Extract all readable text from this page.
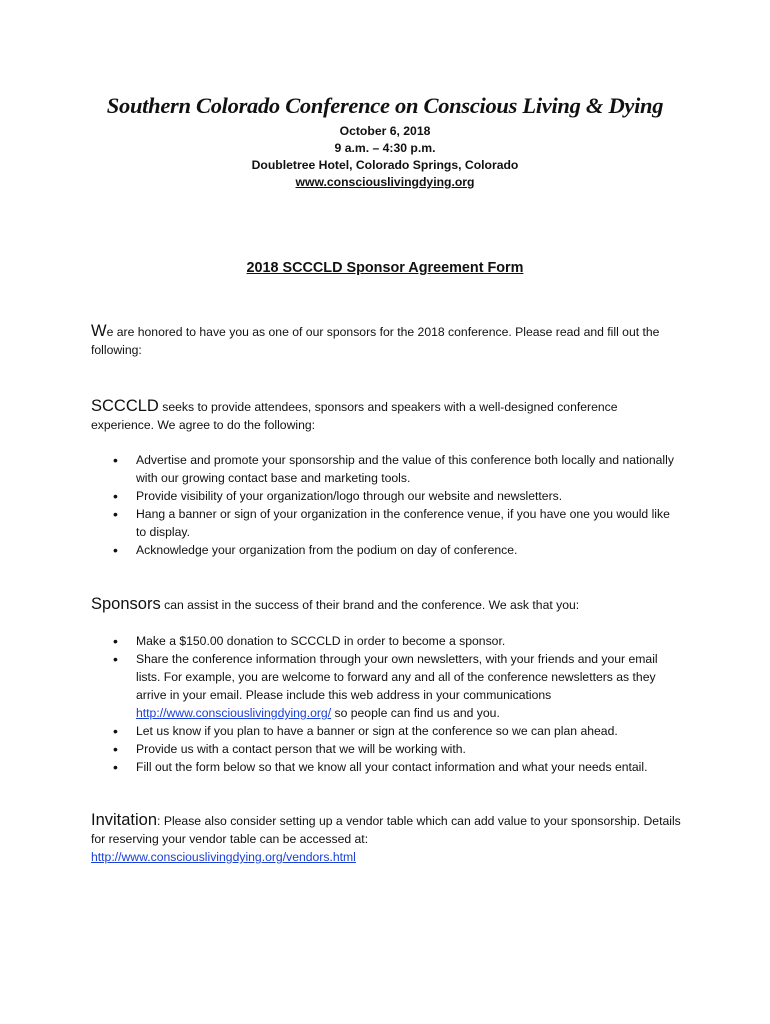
Southern Colorado Conference on Conscious Living & Dying
October 6, 2018
9 a.m. – 4:30 p.m.
Doubletree Hotel, Colorado Springs, Colorado
www.consciouslivingdying.org
2018 SCCCLD Sponsor Agreement Form

We are honored to have you as one of our sponsors for the 2018 conference. Please read and fill out the following:

SCCCLD seeks to provide attendees, sponsors and speakers with a well-designed conference experience. We agree to do the following:

• Advertise and promote your sponsorship and the value of this conference both locally and nationally with our growing contact base and marketing tools.
• Provide visibility of your organization/logo through our website and newsletters.
• Hang a banner or sign of your organization in the conference venue, if you have one you would like to display.
• Acknowledge your organization from the podium on day of conference.

Sponsors can assist in the success of their brand and the conference. We ask that you:

• Make a $150.00 donation to SCCCLD in order to become a sponsor.
• Share the conference information through your own newsletters, with your friends and your email lists. For example, you are welcome to forward any and all of the conference newsletters as they arrive in your email. Please include this web address in your communications http://www.consciouslivingdying.org/ so people can find us and you.
• Let us know if you plan to have a banner or sign at the conference so we can plan ahead.
• Provide us with a contact person that we will be working with.
• Fill out the form below so that we know all your contact information and what your needs entail.

Invitation: Please also consider setting up a vendor table which can add value to your sponsorship. Details for reserving your vendor table can be accessed at:
http://www.consciouslivingdying.org/vendors.html
